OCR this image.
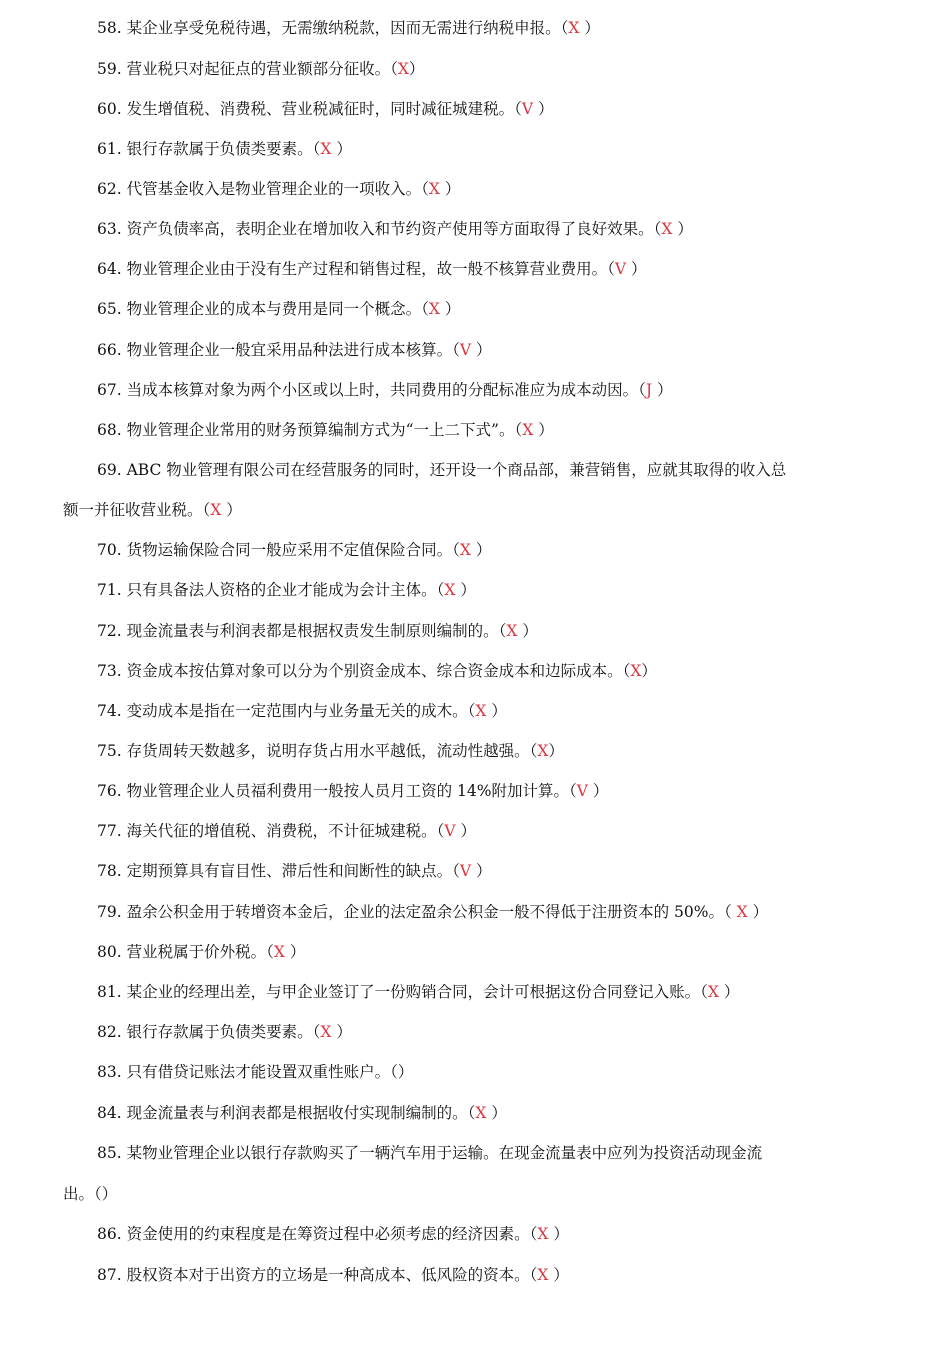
58. 某企业享受免税待遇，无需缴纳税款，因而无需进行纳税申报。（X ）
59. 营业税只对起征点的营业额部分征收。（X）
60. 发生增值税、消费税、营业税减征时，同时减征城建税。（V ）
61. 银行存款属于负债类要素。（X ）
62. 代管基金收入是物业管理企业的一项收入。（X ）
63. 资产负债率高，表明企业在增加收入和节约资产使用等方面取得了良好效果。（X ）
64. 物业管理企业由于没有生产过程和销售过程，故一般不核算营业费用。（V ）
65. 物业管理企业的成本与费用是同一个概念。（X ）
66. 物业管理企业一般宜采用品种法进行成本核算。（V ）
67. 当成本核算对象为两个小区或以上时，共同费用的分配标准应为成本动因。（J ）
68. 物业管理企业常用的财务预算编制方式为“一上二下式”。（X ）
69. ABC 物业管理有限公司在经营服务的同时，还开设一个商品部，兼营销售，应就其取得的收入总
额一并征收营业税。（X ）
70. 货物运输保险合同一般应采用不定值保险合同。（X ）
71. 只有具备法人资格的企业才能成为会计主体。（X ）
72. 现金流量表与利润表都是根据权责发生制原则编制的。（X ）
73. 资金成本按估算对象可以分为个别资金成本、综合资金成本和边际成本。（X）
74. 变动成本是指在一定范围内与业务量无关的成木。（X ）
75. 存货周转天数越多，说明存货占用水平越低，流动性越强。（X）
76. 物业管理企业人员福利费用一般按人员月工资的 14%附加计算。（V ）
77. 海关代征的增值税、消费税，不计征城建税。（V ）
78. 定期预算具有盲目性、滞后性和间断性的缺点。（V ）
79. 盈余公积金用于转增资本金后，企业的法定盈余公积金一般不得低于注册资本的 50%。（ X ）
80. 营业税属于价外税。（X ）
81. 某企业的经理出差，与甲企业签订了一份购销合同，会计可根据这份合同登记入账。（X ）
82. 银行存款属于负债类要素。（X ）
83. 只有借贷记账法才能设置双重性账户。（）
84. 现金流量表与利润表都是根据收付实现制编制的。（X ）
85. 某物业管理企业以银行存款购买了一辆汽车用于运输。在现金流量表中应列为投资活动现金流
出。（）
86. 资金使用的约束程度是在筹资过程中必须考虑的经济因素。（X ）
87. 股权资本对于出资方的立场是一种高成本、低风险的资本。（X ）
